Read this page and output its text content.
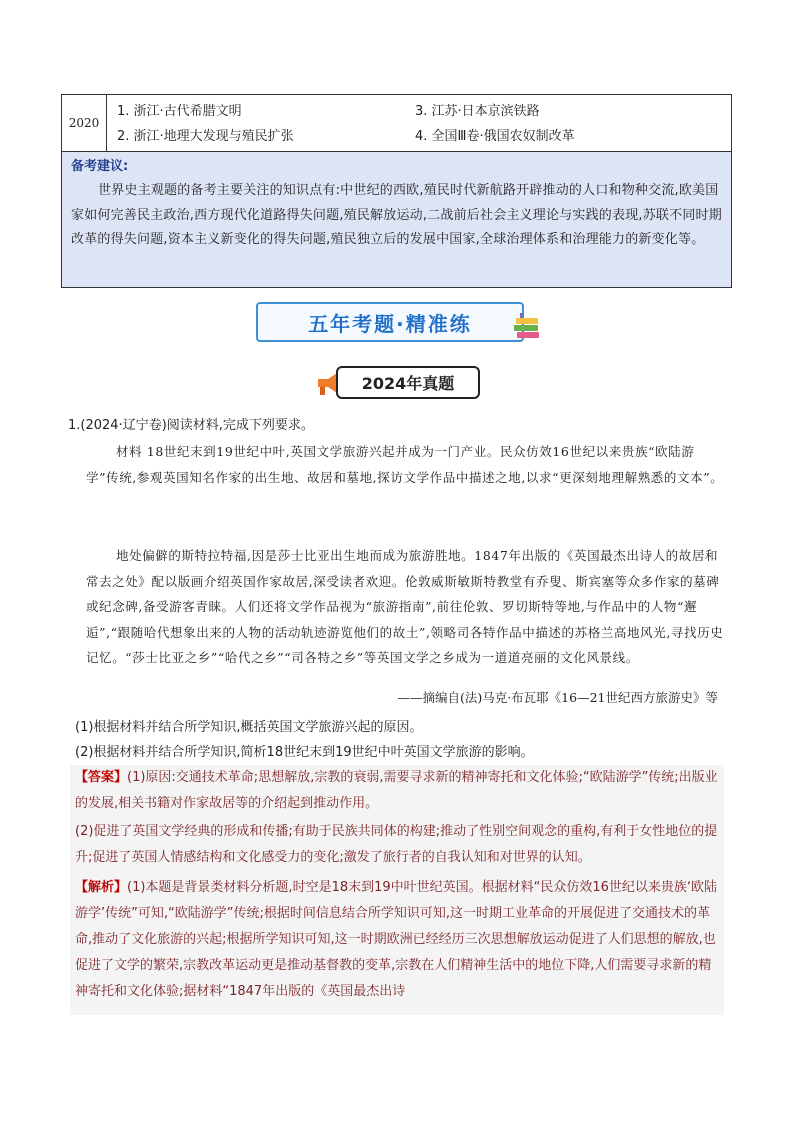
2020
1. 浙江·古代希腊文明
2. 浙江·地理大发现与殖民扩张
3. 江苏·日本京滨铁路
4. 全国Ⅲ卷·俄国农奴制改革
备考建议:
世界史主观题的备考主要关注的知识点有:中世纪的西欧,殖民时代新航路开辟推动的人口和物种交流,欧美国家如何完善民主政治,西方现代化道路得失问题,殖民解放运动,二战前后社会主义理论与实践的表现,苏联不同时期改革的得失问题,资本主义新变化的得失问题,殖民独立后的发展中国家,全球治理体系和治理能力的新变化等。
五年考题·精准练
2024年真题
1.(2024·辽宁卷)阅读材料,完成下列要求。
材料 18世纪末到19世纪中叶,英国文学旅游兴起并成为一门产业。民众仿效16世纪以来贵族“欧陆游学”传统,参观英国知名作家的出生地、故居和墓地,探访文学作品中描述之地,以求“更深刻地理解熟悉的文本”。
地处偏僻的斯特拉特福,因是莎士比亚出生地而成为旅游胜地。1847年出版的《英国最杰出诗人的故居和常去之处》配以版画介绍英国作家故居,深受读者欢迎。伦敦威斯敏斯特教堂有乔叟、斯宾塞等众多作家的墓碑或纪念碑,备受游客青睐。人们还将文学作品视为“旅游指南”,前往伦敦、罗切斯特等地,与作品中的人物“邂逅”,“跟随哈代想象出来的人物的活动轨迹游览他们的故土”,领略司各特作品中描述的苏格兰高地风光,寻找历史记忆。“莎士比亚之乡”“哈代之乡”“司各特之乡”等英国文学之乡成为一道道亮丽的文化风景线。
——摘编自(法)马克·布瓦耶《16—21世纪西方旅游史》等
(1)根据材料并结合所学知识,概括英国文学旅游兴起的原因。
(2)根据材料并结合所学知识,简析18世纪末到19世纪中叶英国文学旅游的影响。
【答案】(1)原因:交通技术革命;思想解放,宗教的衰弱,需要寻求新的精神寄托和文化体验;“欧陆游学”传统;出版业的发展,相关书籍对作家故居等的介绍起到推动作用。
(2)促进了英国文学经典的形成和传播;有助于民族共同体的构建;推动了性别空间观念的重构,有利于女性地位的提升;促进了英国人情感结构和文化感受力的变化;激发了旅行者的自我认知和对世界的认知。
【解析】(1)本题是背景类材料分析题,时空是18末到19中叶世纪英国。根据材料“民众仿效16世纪以来贵族‘欧陆游学’传统”可知,“欧陆游学”传统;根据时间信息结合所学知识可知,这一时期工业革命的开展促进了交通技术的革命,推动了文化旅游的兴起;根据所学知识可知,这一时期欧洲已经经历三次思想解放运动促进了人们思想的解放,也促进了文学的繁荣,宗教改革运动更是推动基督教的变革,宗教在人们精神生活中的地位下降,人们需要寻求新的精神寄托和文化体验;据材料“1847年出版的《英国最杰出诗
